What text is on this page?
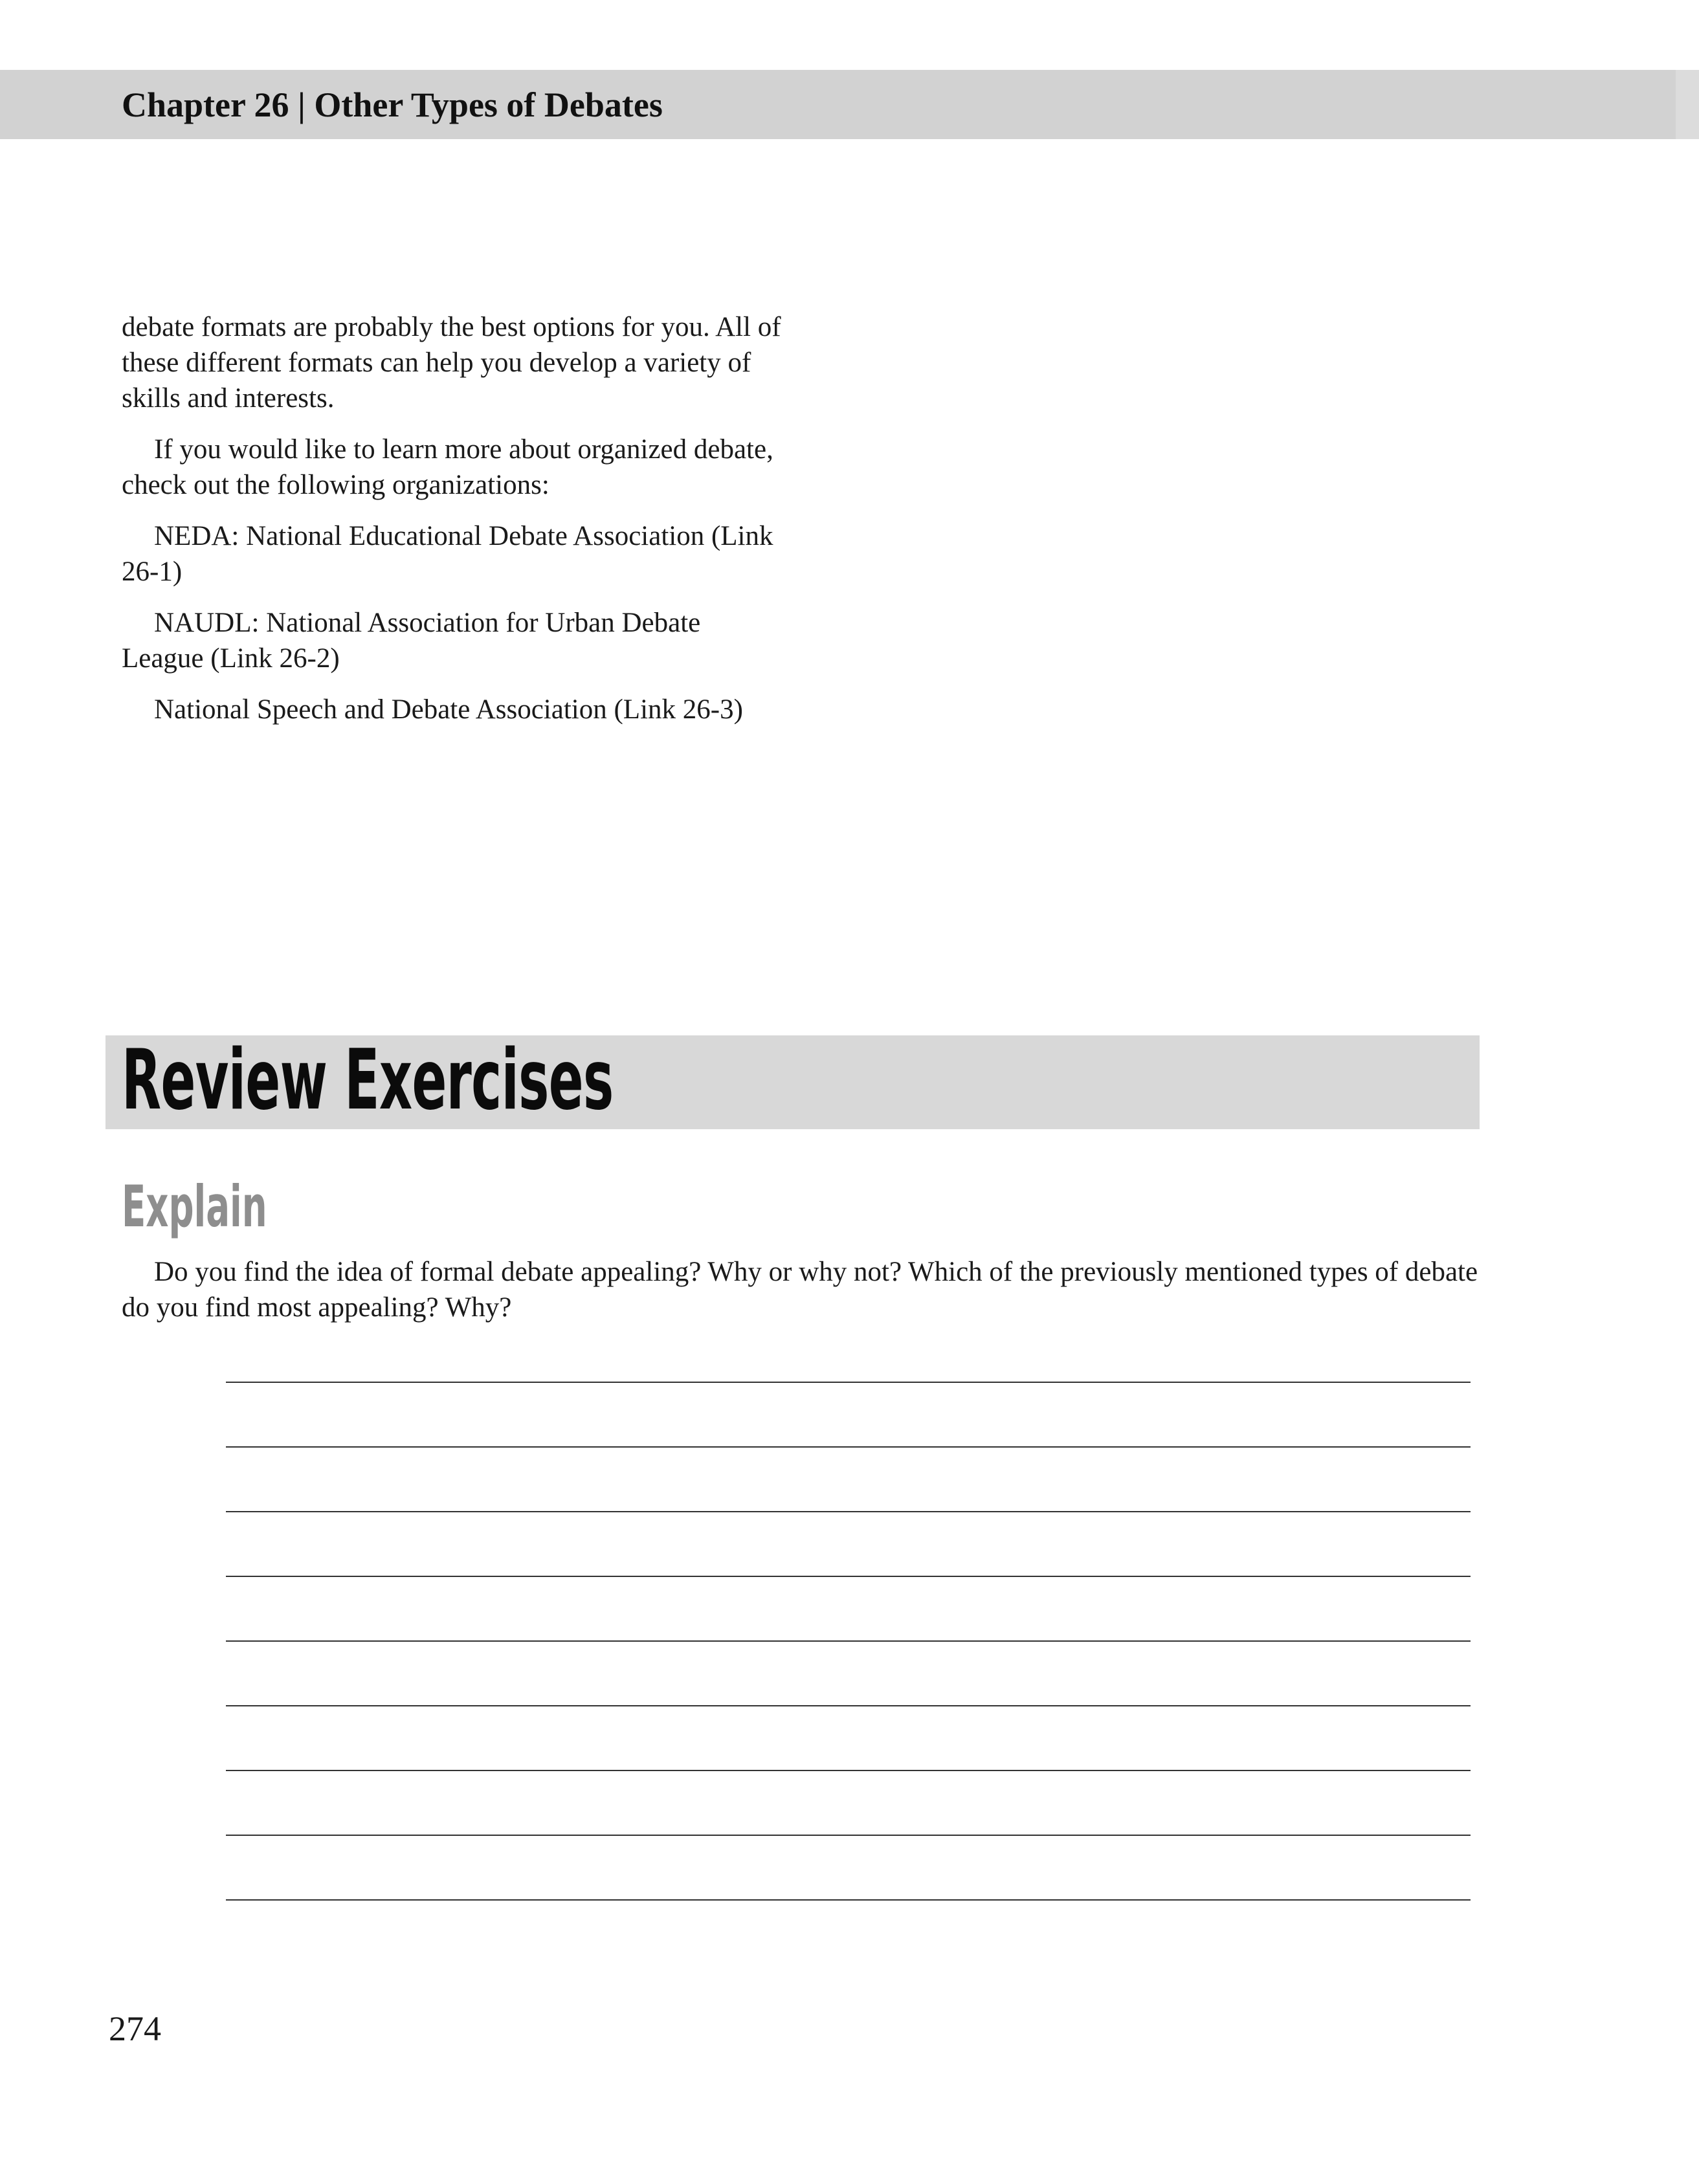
Chapter 26 | Other Types of Debates

debate formats are probably the best options for you. All of these different formats can help you develop a variety of skills and interests.

If you would like to learn more about organized debate, check out the following organizations:

NEDA: National Educational Debate Association (Link 26-1)

NAUDL: National Association for Urban Debate League (Link 26-2)

National Speech and Debate Association (Link 26-3)

Review Exercises
Explain
Do you find the idea of formal debate appealing? Why or why not? Which of the previously mentioned types of debate do you find most appealing? Why?
274
